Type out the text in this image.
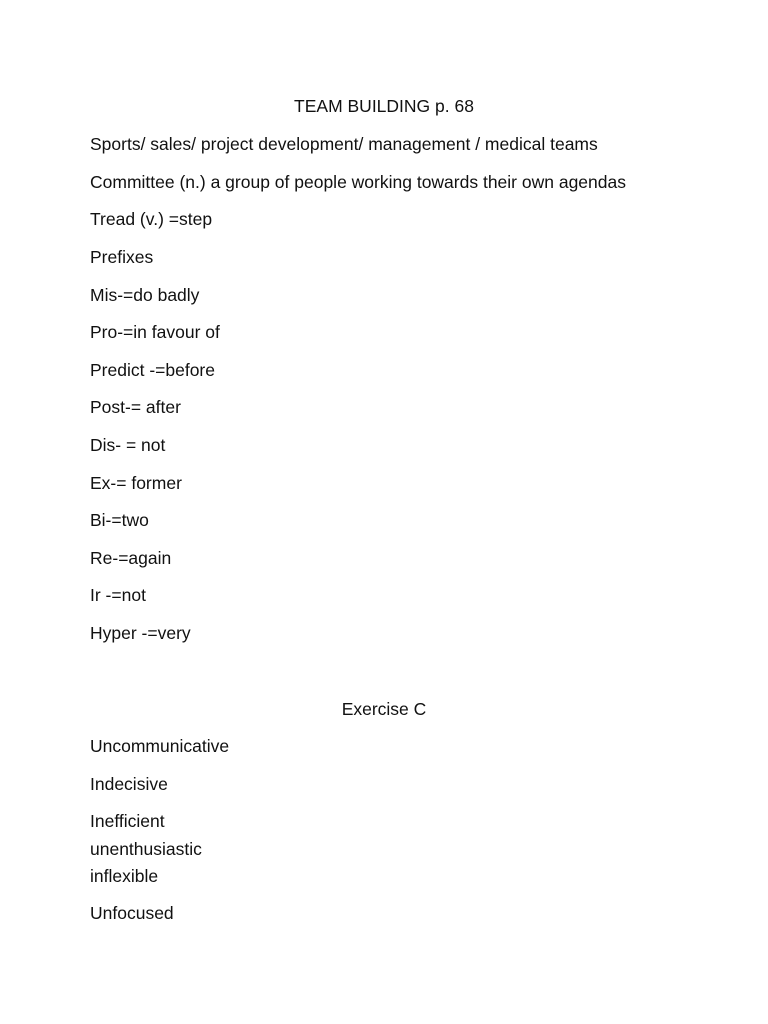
TEAM BUILDING p. 68

Sports/ sales/ project development/ management / medical teams

Committee (n.) a group of people working towards their own agendas

Tread (v.) =step

Prefixes

Mis-=do badly

Pro-=in favour of

Predict -=before

Post-= after

Dis- = not

Ex-= former

Bi-=two

Re-=again

Ir -=not

Hyper -=very

Exercise C

Uncommunicative

Indecisive

Inefficient

unenthusiastic

inflexible

Unfocused
